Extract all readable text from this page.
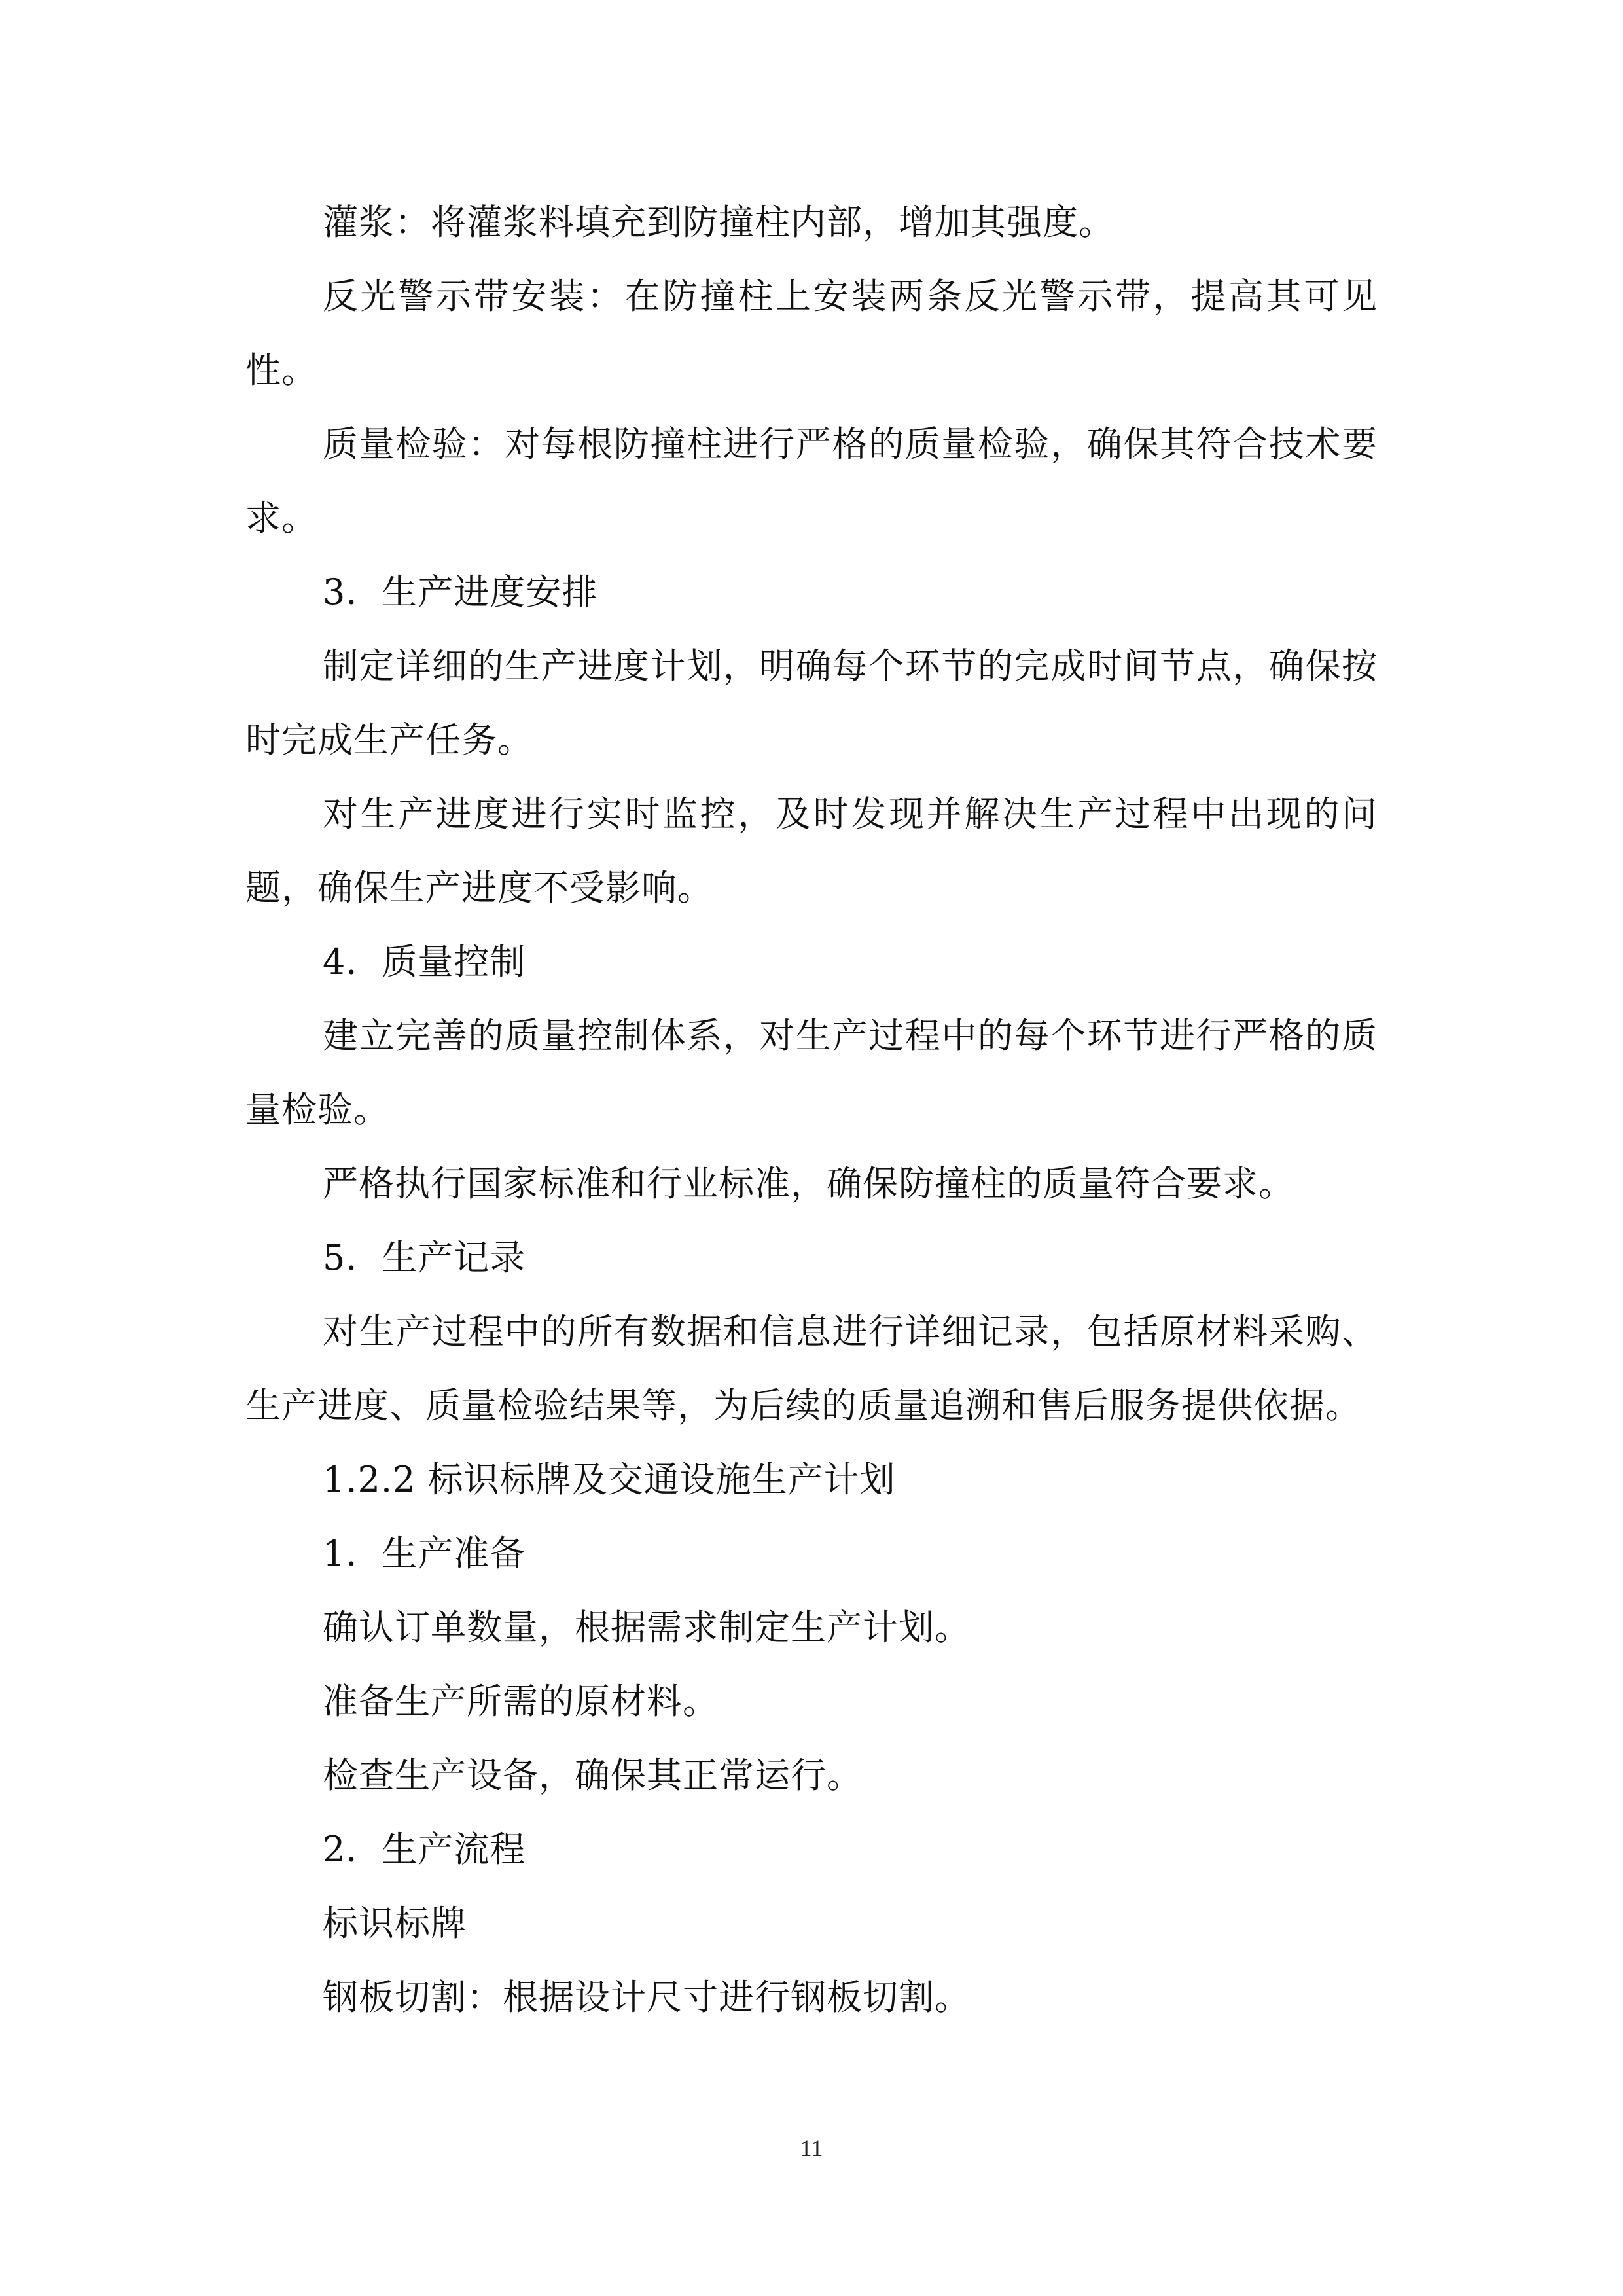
灌浆：将灌浆料填充到防撞柱内部，增加其强度。

反光警示带安装：在防撞柱上安装两条反光警示带，提高其可见性。

质量检验：对每根防撞柱进行严格的质量检验，确保其符合技术要求。

3．生产进度安排

制定详细的生产进度计划，明确每个环节的完成时间节点，确保按时完成生产任务。

对生产进度进行实时监控，及时发现并解决生产过程中出现的问题，确保生产进度不受影响。

4．质量控制

建立完善的质量控制体系，对生产过程中的每个环节进行严格的质量检验。

严格执行国家标准和行业标准，确保防撞柱的质量符合要求。

5．生产记录

对生产过程中的所有数据和信息进行详细记录，包括原材料采购、生产进度、质量检验结果等，为后续的质量追溯和售后服务提供依据。

1.2.2 标识标牌及交通设施生产计划

1．生产准备

确认订单数量，根据需求制定生产计划。

准备生产所需的原材料。

检查生产设备，确保其正常运行。

2．生产流程

标识标牌

钢板切割：根据设计尺寸进行钢板切割。

11
